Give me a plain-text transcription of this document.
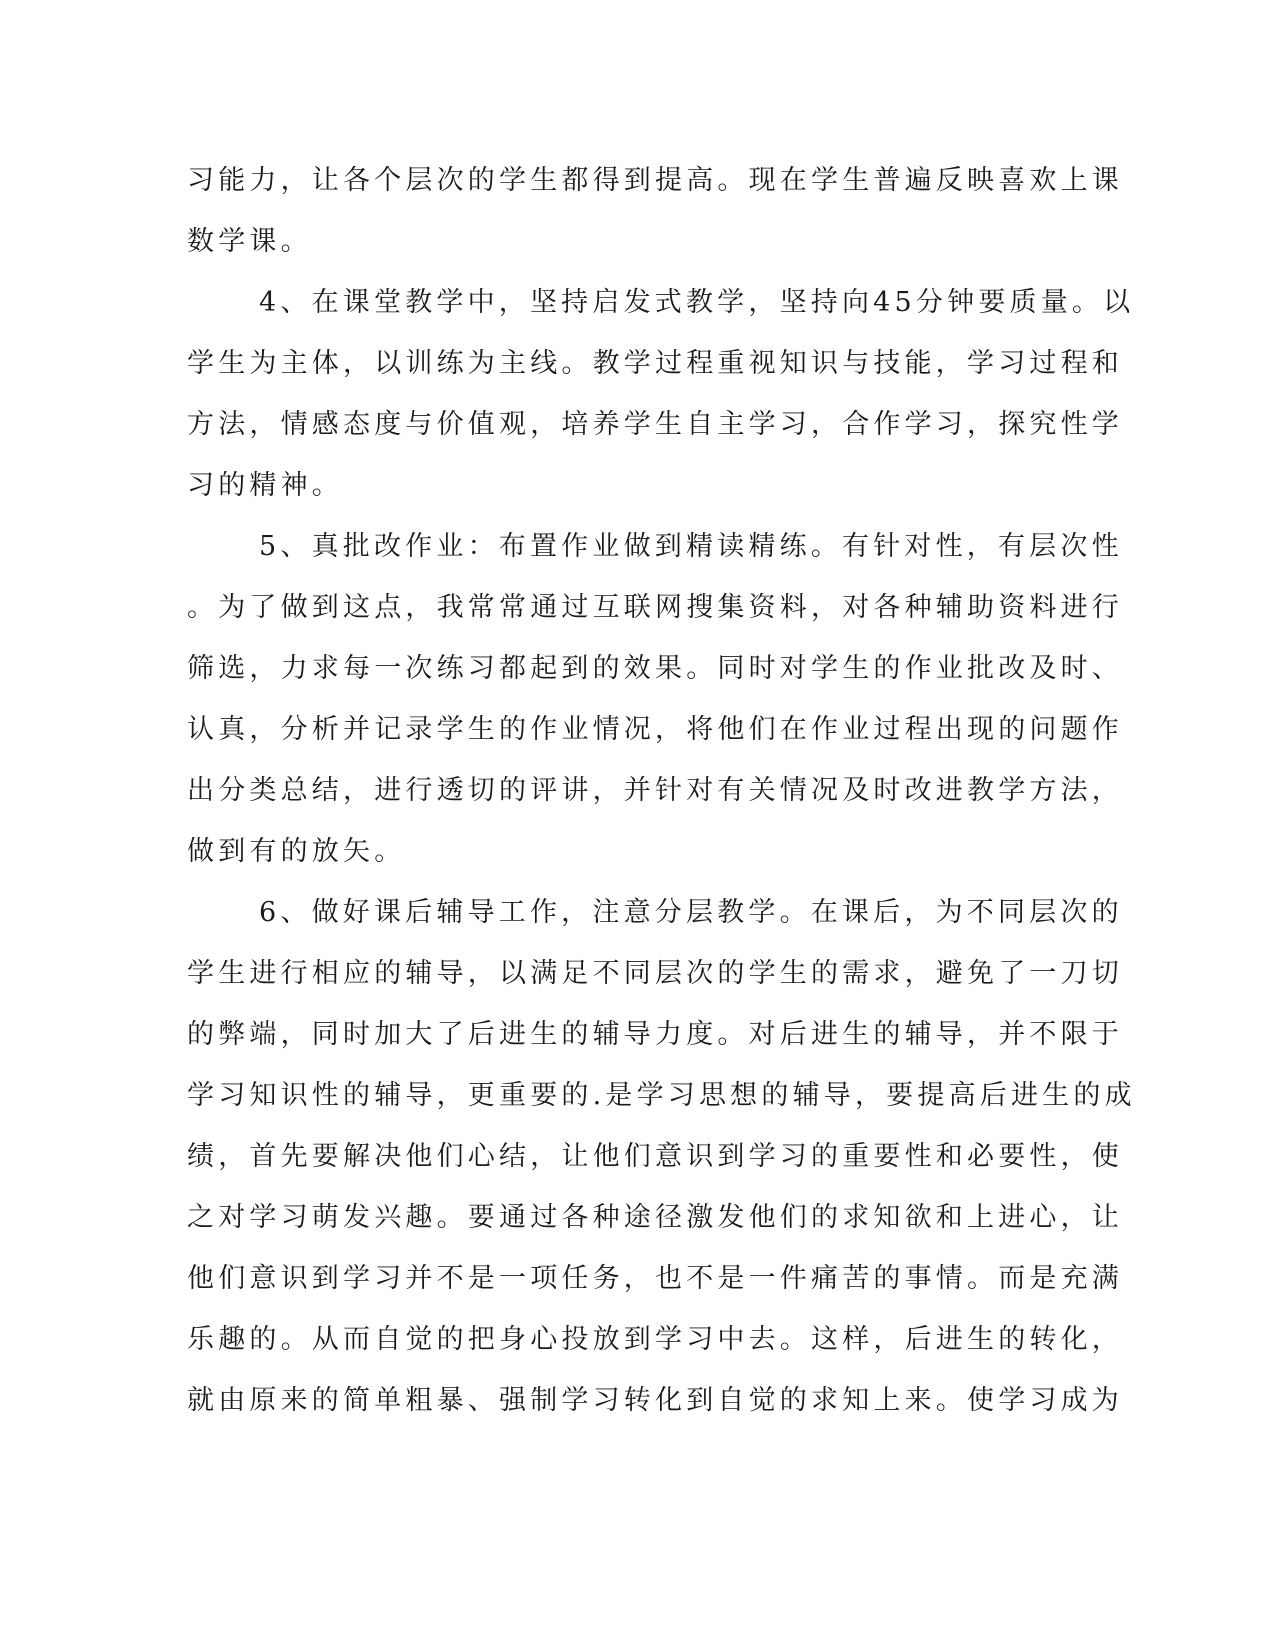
习能力，让各个层次的学生都得到提高。现在学生普遍反映喜欢上课
数学课。
4、在课堂教学中，坚持启发式教学，坚持向45分钟要质量。以
学生为主体，以训练为主线。教学过程重视知识与技能，学习过程和
方法，情感态度与价值观，培养学生自主学习，合作学习，探究性学
习的精神。
5、真批改作业：布置作业做到精读精练。有针对性，有层次性
。为了做到这点，我常常通过互联网搜集资料，对各种辅助资料进行
筛选，力求每一次练习都起到的效果。同时对学生的作业批改及时、
认真，分析并记录学生的作业情况，将他们在作业过程出现的问题作
出分类总结，进行透切的评讲，并针对有关情况及时改进教学方法，
做到有的放矢。
6、做好课后辅导工作，注意分层教学。在课后，为不同层次的
学生进行相应的辅导，以满足不同层次的学生的需求，避免了一刀切
的弊端，同时加大了后进生的辅导力度。对后进生的辅导，并不限于
学习知识性的辅导，更重要的.是学习思想的辅导，要提高后进生的成
绩，首先要解决他们心结，让他们意识到学习的重要性和必要性，使
之对学习萌发兴趣。要通过各种途径激发他们的求知欲和上进心，让
他们意识到学习并不是一项任务，也不是一件痛苦的事情。而是充满
乐趣的。从而自觉的把身心投放到学习中去。这样，后进生的转化，
就由原来的简单粗暴、强制学习转化到自觉的求知上来。使学习成为
